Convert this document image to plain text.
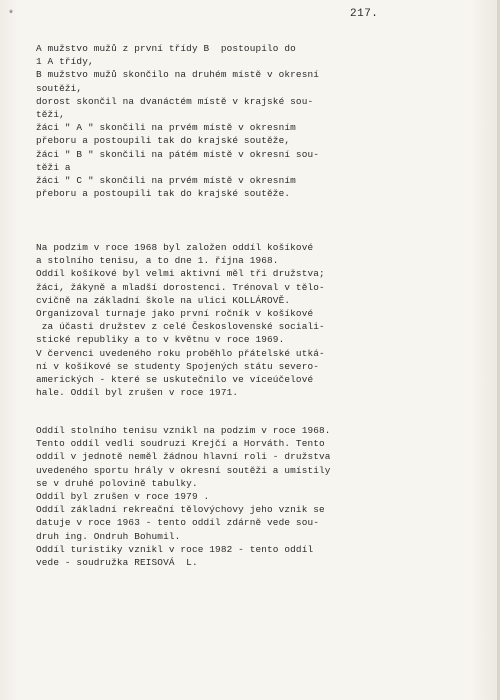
*	217.
A mužstvo mužů z první třídy B  postoupilo do
1 A třídy,
B mužstvo mužů skončilo na druhém místě v okresní
soutěži,
dorost skončil na dvanáctém místě v krajské sou-
těži,
žáci " A " skončili na prvém místě v okresním
přeboru a postoupili tak do krajské soutěže,
žáci " B " skončili na pátém místě v okresní sou-
těži a
žáci " C " skončili na prvém místě v okresním
přeboru a postoupili tak do krajské soutěže.
Na podzim v roce 1968 byl založen oddíl košíkové
a stolního tenisu, a to dne 1. října 1968.
Oddíl košíkové byl velmi aktivní měl tři družstva;
žáci, žákyně a mladší dorostenci. Trénoval v tělo-
cvičně na základní škole na ulici KOLLÁROVĚ.
Organizoval turnaje jako první ročník v košíkové
za účasti družstev z celé Československé sociali-
stické republiky a to v květnu v roce 1969.
V červenci uvedeného roku proběhlo přátelské utká-
ní v košíkové se studenty Spojených státu severo-
amerických - které se uskutečnilo ve víceúčelové
hale. Oddíl byl zrušen v roce 1971.
Oddíl stolního tenisu vznikl na podzim v roce 1968.
Tento oddíl vedli soudruzi Krejčí a Horváth. Tento
oddíl v jednotě neměl žádnou hlavní roli - družstva
uvedeného sportu hrály v okresní soutěži a umístily
se v druhé polovině tabulky.
Oddíl byl zrušen v roce 1979 .
Oddíl základní rekreační tělovýchovy jeho vznik se
datuje v roce 1963 - tento oddíl zdárně vede sou-
druh ing. Ondruh Bohumil.
Oddíl turistiky vznikl v roce 1982 - tento oddíl
vede - soudružka REISOVÁ  L.
